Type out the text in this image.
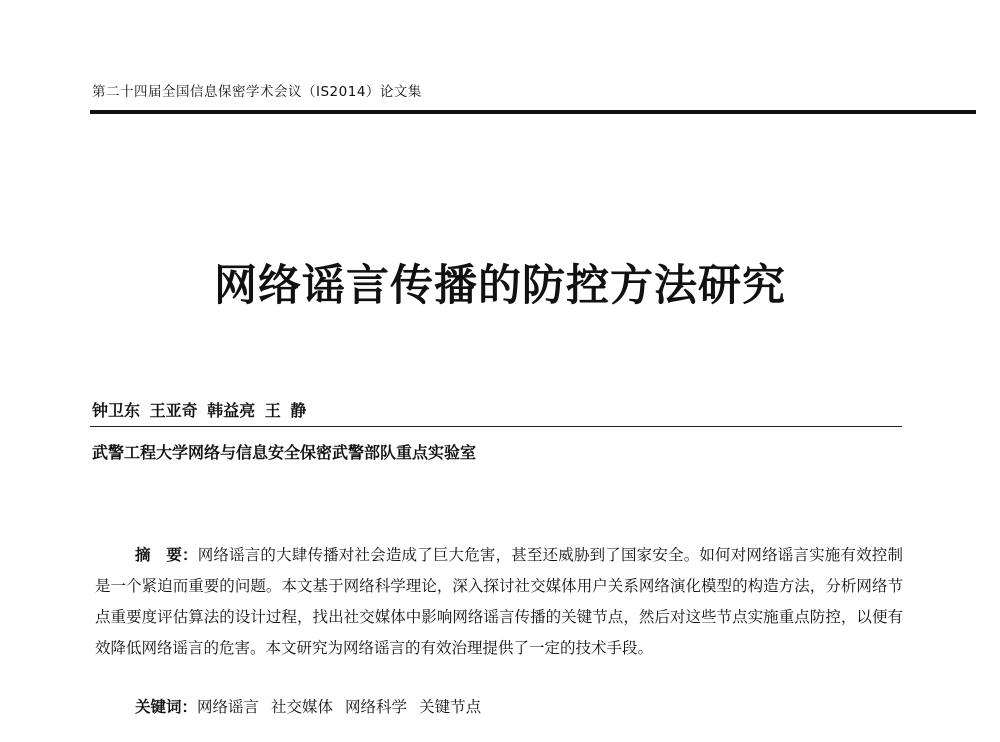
第二十四届全国信息保密学术会议（IS2014）论文集
网络谣言传播的防控方法研究
钟卫东 王亚奇 韩益亮 王 静
武警工程大学网络与信息安全保密武警部队重点实验室

摘　要：网络谣言的大肆传播对社会造成了巨大危害，甚至还威胁到了国家安全。如何对网络谣言实施有效控制是一个紧迫而重要的问题。本文基于网络科学理论，深入探讨社交媒体用户关系网络演化模型的构造方法，分析网络节点重要度评估算法的设计过程，找出社交媒体中影响网络谣言传播的关键节点，然后对这些节点实施重点防控，以便有效降低网络谣言的危害。本文研究为网络谣言的有效治理提供了一定的技术手段。

关键词：网络谣言 社交媒体 网络科学 关键节点
